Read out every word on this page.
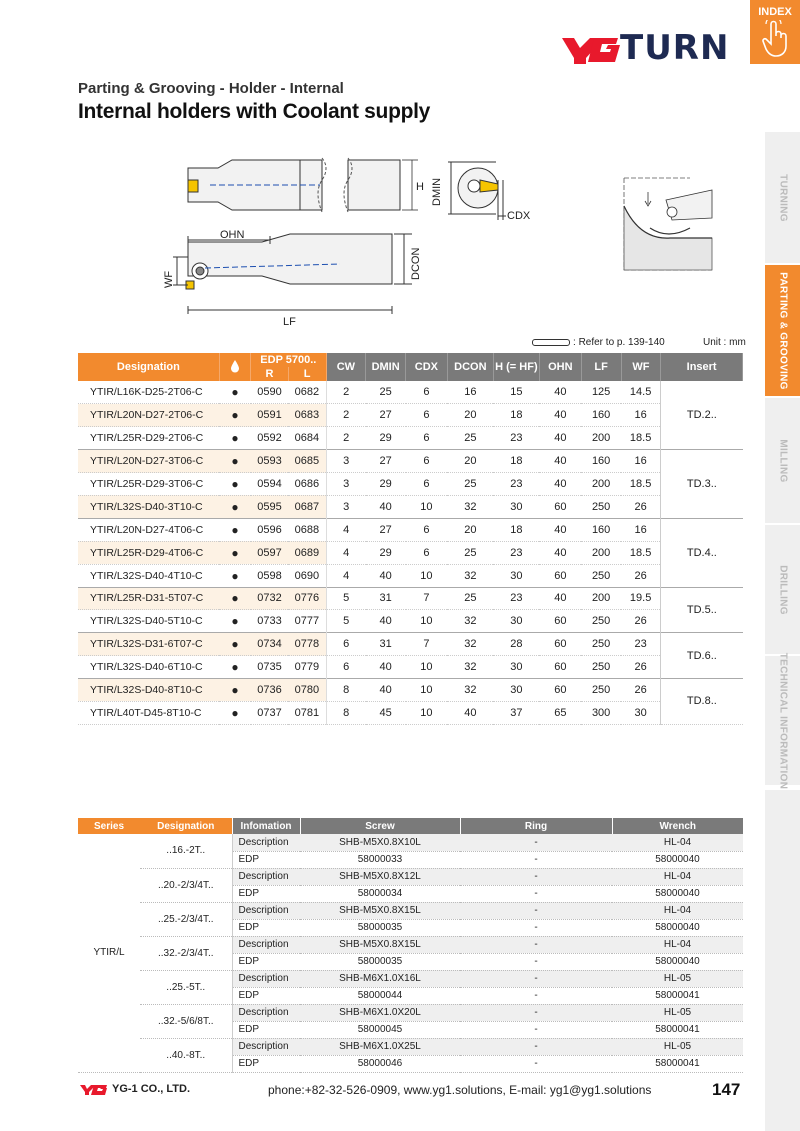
INDEX
TURNING
PARTING & GROOVING
MILLING
DRILLING
TECHNICAL INFORMATION
TURN
Parting & Grooving - Holder - Internal
Internal holders with Coolant supply
H DMIN
CDX
OHN
LF
WF	DCON
: Refer to p. 139-140	Unit : mm
Designation		EDP 5700..		CW	DMIN	CDX	DCON	H (= HF)	OHN	LF	WF	Insert
		R	L									
YTIR/L16K-D25-2T06-C	●	0590	0682	2	25	6	16	15	40	125	14.5	TD.2..
YTIR/L20N-D27-2T06-C	●	0591	0683	2	27	6	20	18	40	160	16	
YTIR/L25R-D29-2T06-C	●	0592	0684	2	29	6	25	23	40	200	18.5	
YTIR/L20N-D27-3T06-C	●	0593	0685	3	27	6	20	18	40	160	16	TD.3..
YTIR/L25R-D29-3T06-C	●	0594	0686	3	29	6	25	23	40	200	18.5	
YTIR/L32S-D40-3T10-C	●	0595	0687	3	40	10	32	30	60	250	26	
YTIR/L20N-D27-4T06-C	●	0596	0688	4	27	6	20	18	40	160	16	TD.4..
YTIR/L25R-D29-4T06-C	●	0597	0689	4	29	6	25	23	40	200	18.5	
YTIR/L32S-D40-4T10-C	●	0598	0690	4	40	10	32	30	60	250	26	
YTIR/L25R-D31-5T07-C	●	0732	0776	5	31	7	25	23	40	200	19.5	TD.5..
YTIR/L32S-D40-5T10-C	●	0733	0777	5	40	10	32	30	60	250	26	
YTIR/L32S-D31-6T07-C	●	0734	0778	6	31	7	32	28	60	250	23	TD.6..
YTIR/L32S-D40-6T10-C	●	0735	0779	6	40	10	32	30	60	250	26	
YTIR/L32S-D40-8T10-C	●	0736	0780	8	40	10	32	30	60	250	26	TD.8..
YTIR/L40T-D45-8T10-C	●	0737	0781	8	45	10	40	37	65	300	30	
Series	Designation	Infomation	Screw	Ring	Wrench
YTIR/L	..16.-2T..	Description	SHB-M5X0.8X10L	-	HL-04
		EDP	58000033	-	58000040
	..20.-2/3/4T..	Description	SHB-M5X0.8X12L	-	HL-04
		EDP	58000034	-	58000040
	..25.-2/3/4T..	Description	SHB-M5X0.8X15L	-	HL-04
		EDP	58000035	-	58000040
	..32.-2/3/4T..	Description	SHB-M5X0.8X15L	-	HL-04
		EDP	58000035	-	58000040
	..25.-5T..	Description	SHB-M6X1.0X16L	-	HL-05
		EDP	58000044	-	58000041
	..32.-5/6/8T..	Description	SHB-M6X1.0X20L	-	HL-05
		EDP	58000045	-	58000041
	..40.-8T..	Description	SHB-M6X1.0X25L	-	HL-05
		EDP	58000046	-	58000041
YG-1 CO., LTD.	phone:+82-32-526-0909, www.yg1.solutions, E-mail: yg1@yg1.solutions	147
